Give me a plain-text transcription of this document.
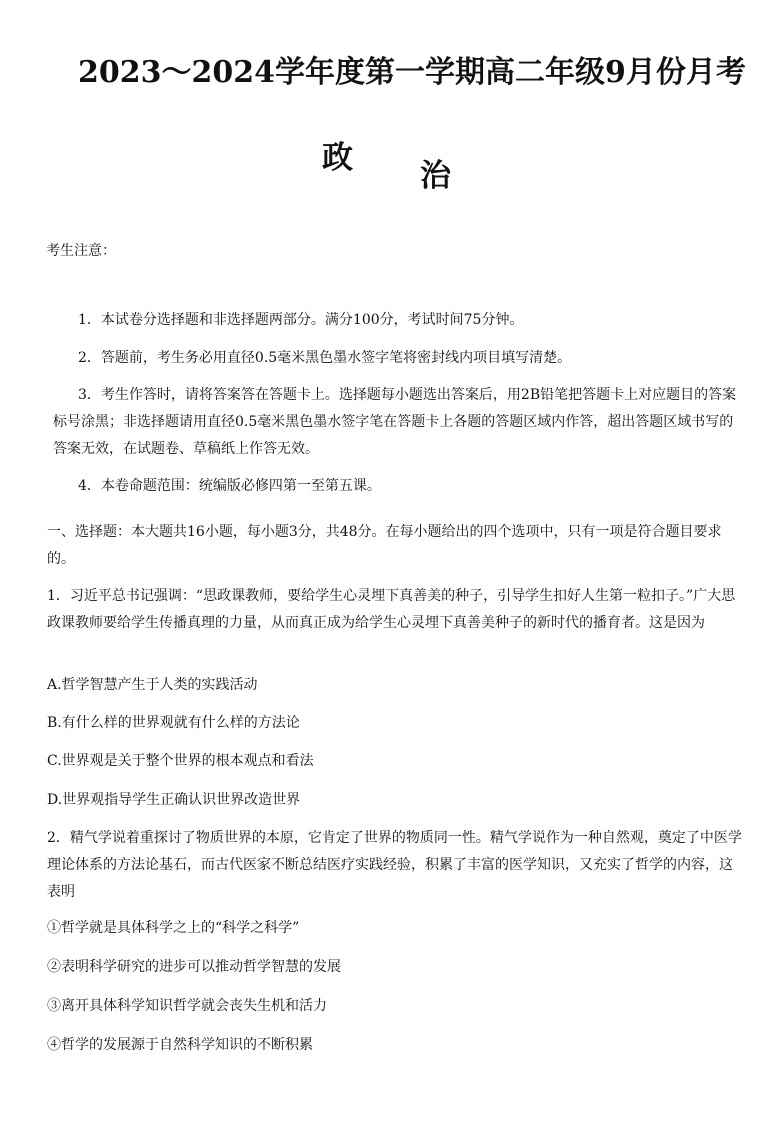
2023～2024学年度第一学期高二年级9月份月考
政 治
考生注意：
1．本试卷分选择题和非选择题两部分。满分100分，考试时间75分钟。
2．答题前，考生务必用直径0.5毫米黑色墨水签字笔将密封线内项目填写清楚。
3．考生作答时，请将答案答在答题卡上。选择题每小题选出答案后，用2B铅笔把答题卡上对应题目的答案标号涂黑；非选择题请用直径0.5毫米黑色墨水签字笔在答题卡上各题的答题区域内作答，超出答题区域书写的答案无效，在试题卷、草稿纸上作答无效。
4．本卷命题范围：统编版必修四第一至第五课。
一、选择题：本大题共16小题，每小题3分，共48分。在每小题给出的四个选项中，只有一项是符合题目要求的。
1．习近平总书记强调：“思政课教师，要给学生心灵埋下真善美的种子，引导学生扣好人生第一粒扣子。”广大思政课教师要给学生传播真理的力量，从而真正成为给学生心灵埋下真善美种子的新时代的播育者。这是因为
A.哲学智慧产生于人类的实践活动
B.有什么样的世界观就有什么样的方法论
C.世界观是关于整个世界的根本观点和看法
D.世界观指导学生正确认识世界改造世界
2．精气学说着重探讨了物质世界的本原，它肯定了世界的物质同一性。精气学说作为一种自然观，奠定了中医学理论体系的方法论基石，而古代医家不断总结医疗实践经验，积累了丰富的医学知识，又充实了哲学的内容，这表明
①哲学就是具体科学之上的“科学之科学”
②表明科学研究的进步可以推动哲学智慧的发展
③离开具体科学知识哲学就会丧失生机和活力
④哲学的发展源于自然科学知识的不断积累
